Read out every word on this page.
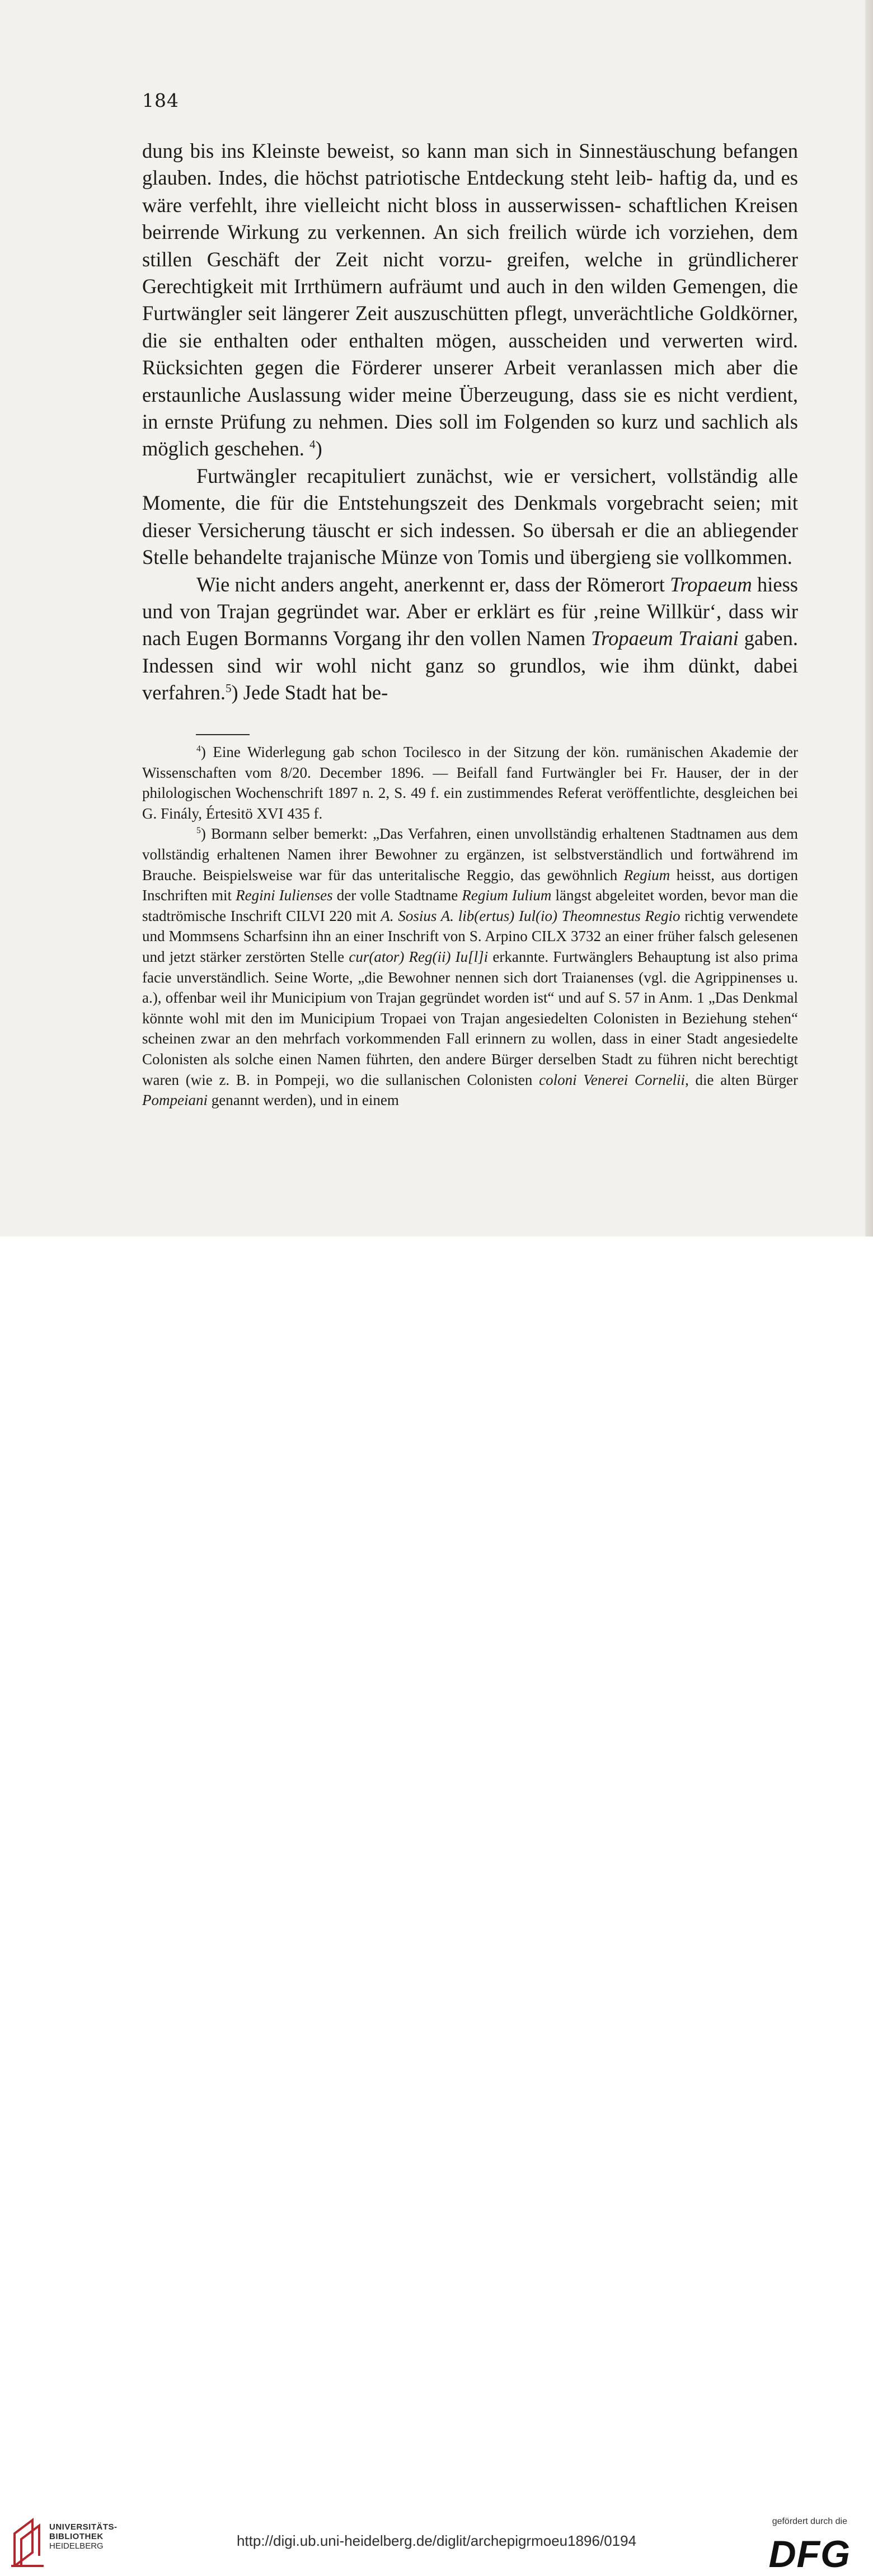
184

dung bis ins Kleinste beweist, so kann man sich in Sinnestäuschung befangen glauben. Indes, die höchst patriotische Entdeckung steht leib- haftig da, und es wäre verfehlt, ihre vielleicht nicht bloss in ausserwissen- schaftlichen Kreisen beirrende Wirkung zu verkennen. An sich freilich würde ich vorziehen, dem stillen Geschäft der Zeit nicht vorzu- greifen, welche in gründlicherer Gerechtigkeit mit Irrthümern aufräumt und auch in den wilden Gemengen, die Furtwängler seit längerer Zeit auszuschütten pflegt, unverächtliche Goldkörner, die sie enthalten oder enthalten mögen, ausscheiden und verwerten wird. Rücksichten gegen die Förderer unserer Arbeit veranlassen mich aber die erstaunliche Auslassung wider meine Überzeugung, dass sie es nicht verdient, in ernste Prüfung zu nehmen. Dies soll im Folgenden so kurz und sachlich als möglich geschehen. $^4$)

Furtwängler recapituliert zunächst, wie er versichert, vollständig alle Momente, die für die Entstehungszeit des Denkmals vorgebracht seien; mit dieser Versicherung täuscht er sich indessen. So übersah er die an abliegender Stelle behandelte trajanische Münze von Tomis und übergieng sie vollkommen.

Wie nicht anders angeht, anerkennt er, dass der Römerort Tropaeum hiess und von Trajan gegründet war. Aber er erklärt es für ‚reine Willkür‘, dass wir nach Eugen Bormanns Vorgang ihr den vollen Namen Tropaeum Traiani gaben. Indessen sind wir wohl nicht ganz so grundlos, wie ihm dünkt, dabei verfahren.$^5$) Jede Stadt hat be-

$^4$) Eine Widerlegung gab schon Tocilesco in der Sitzung der kön. rumänischen Akademie der Wissenschaften vom 8/20. December 1896. — Beifall fand Furtwängler bei Fr. Hauser, der in der philologischen Wochenschrift 1897 n. 2, S. 49 f. ein zustimmendes Referat veröffentlichte, desgleichen bei G. Finály, Értesitö XVI 435 f.

$^5$) Bormann selber bemerkt: „Das Verfahren, einen unvollständig erhaltenen Stadtnamen aus dem vollständig erhaltenen Namen ihrer Bewohner zu ergänzen, ist selbstverständlich und fortwährend im Brauche. Beispielsweise war für das unteritalische Reggio, das gewöhnlich Regium heisst, aus dortigen Inschriften mit Regini Iulienses der volle Stadtname Regium Iulium längst abgeleitet worden, bevor man die stadtrömische Inschrift CILVI 220 mit A. Sosius A. lib(ertus) Iul(io) Theomnestus Regio richtig verwendete und Mommsens Scharfsinn ihn an einer Inschrift von S. Arpino CILX 3732 an einer früher falsch gelesenen und jetzt stärker zerstörten Stelle cur(ator) Reg(ii) Iu[l]i erkannte. Furtwänglers Behauptung ist also prima facie unverständlich. Seine Worte, „die Bewohner nennen sich dort Traianenses (vgl. die Agrippinenses u. a.), offenbar weil ihr Municipium von Trajan gegründet worden ist“ und auf S. 57 in Anm. 1 „Das Denkmal könnte wohl mit den im Municipium Tropaei von Trajan angesiedelten Colonisten in Beziehung stehen“ scheinen zwar an den mehrfach vorkommenden Fall erinnern zu wollen, dass in einer Stadt angesiedelte Colonisten als solche einen Namen führten, den andere Bürger derselben Stadt zu führen nicht berechtigt waren (wie z. B. in Pompeji, wo die sullanischen Colonisten coloni Venerei Cornelii, die alten Bürger Pompeiani genannt werden), und in einem

UNIVERSITÄTS-
BIBLIOTHEK
HEIDELBERG	http://digi.ub.uni-heidelberg.de/diglit/archepigrmoeu1896/0194
gefördert durch die
DFG
